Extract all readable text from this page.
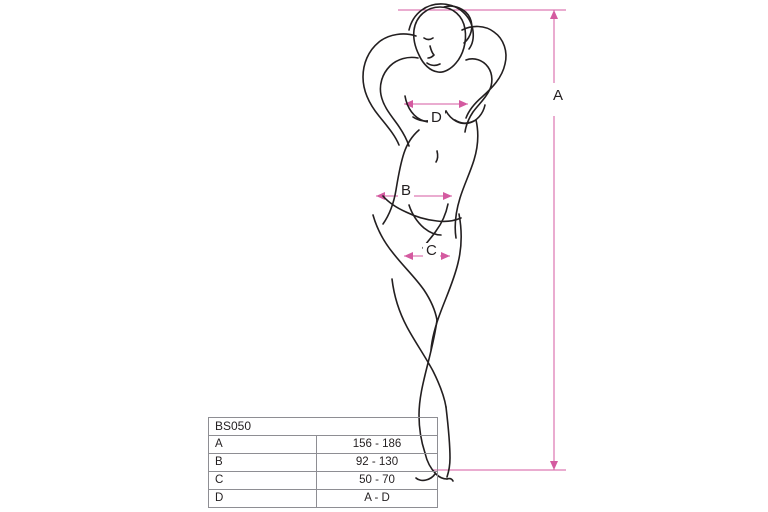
A
B
C
D
BS050	
A	156 - 186
B	92 - 130
C	50 - 70
D	A - D
